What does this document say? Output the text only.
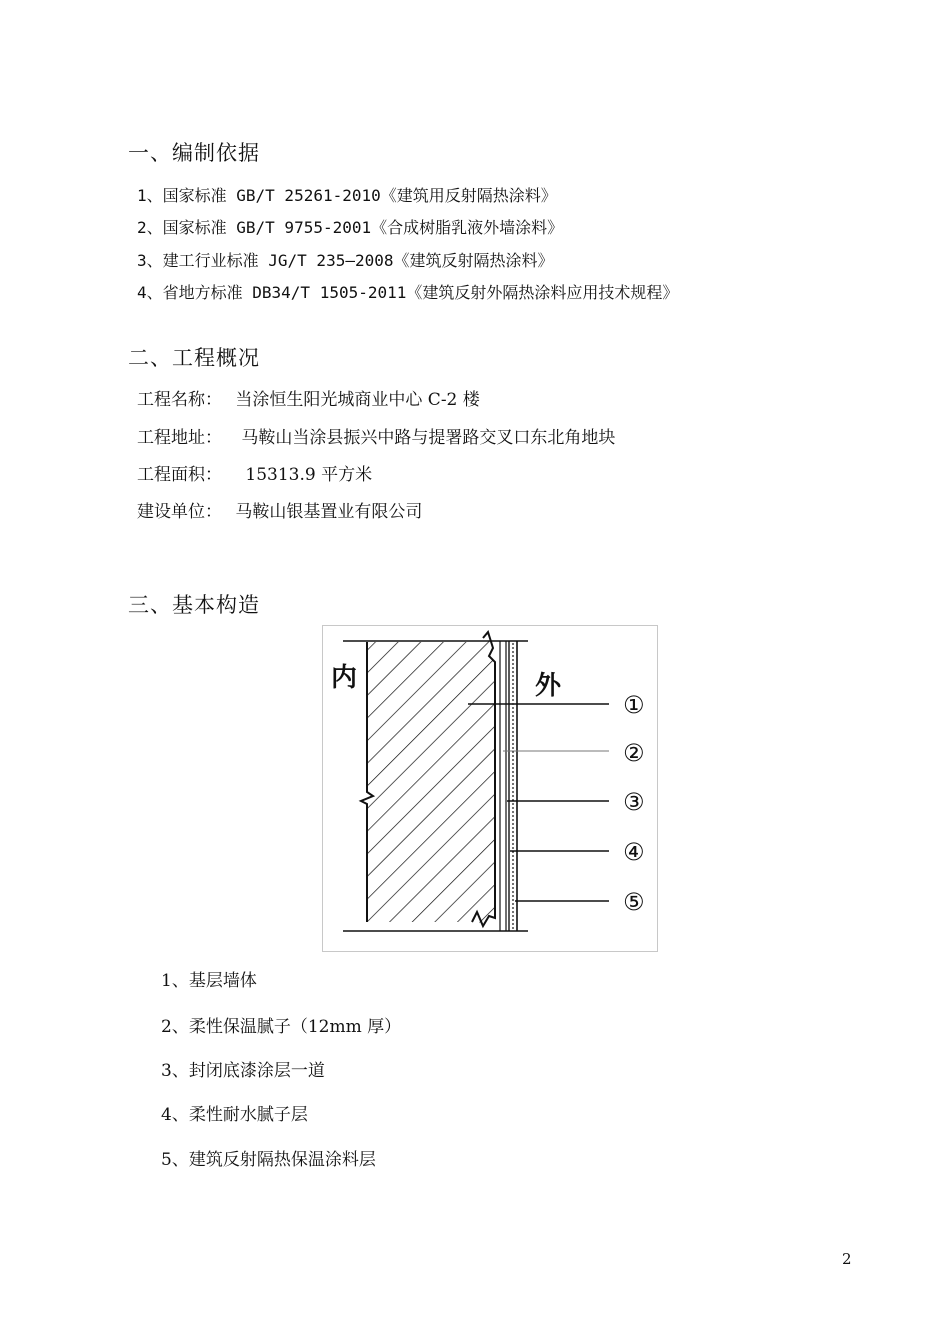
一、编制依据
1、国家标准 GB/T 25261-2010《建筑用反射隔热涂料》
2、国家标准 GB/T 9755-2001《合成树脂乳液外墙涂料》
3、建工行业标准 JG/T 235—2008《建筑反射隔热涂料》
4、省地方标准 DB34/T 1505-2011《建筑反射外隔热涂料应用技术规程》
二、工程概况
工程名称： 当涂恒生阳光城商业中心 C-2 楼
工程地址： 马鞍山当涂县振兴中路与提署路交叉口东北角地块
工程面积： 15313.9 平方米
建设单位： 马鞍山银基置业有限公司
三、基本构造
内	外
①
②
③
④
⑤
1、基层墙体
2、柔性保温腻子（12mm 厚）
3、封闭底漆涂层一道
4、柔性耐水腻子层
5、建筑反射隔热保温涂料层
2
